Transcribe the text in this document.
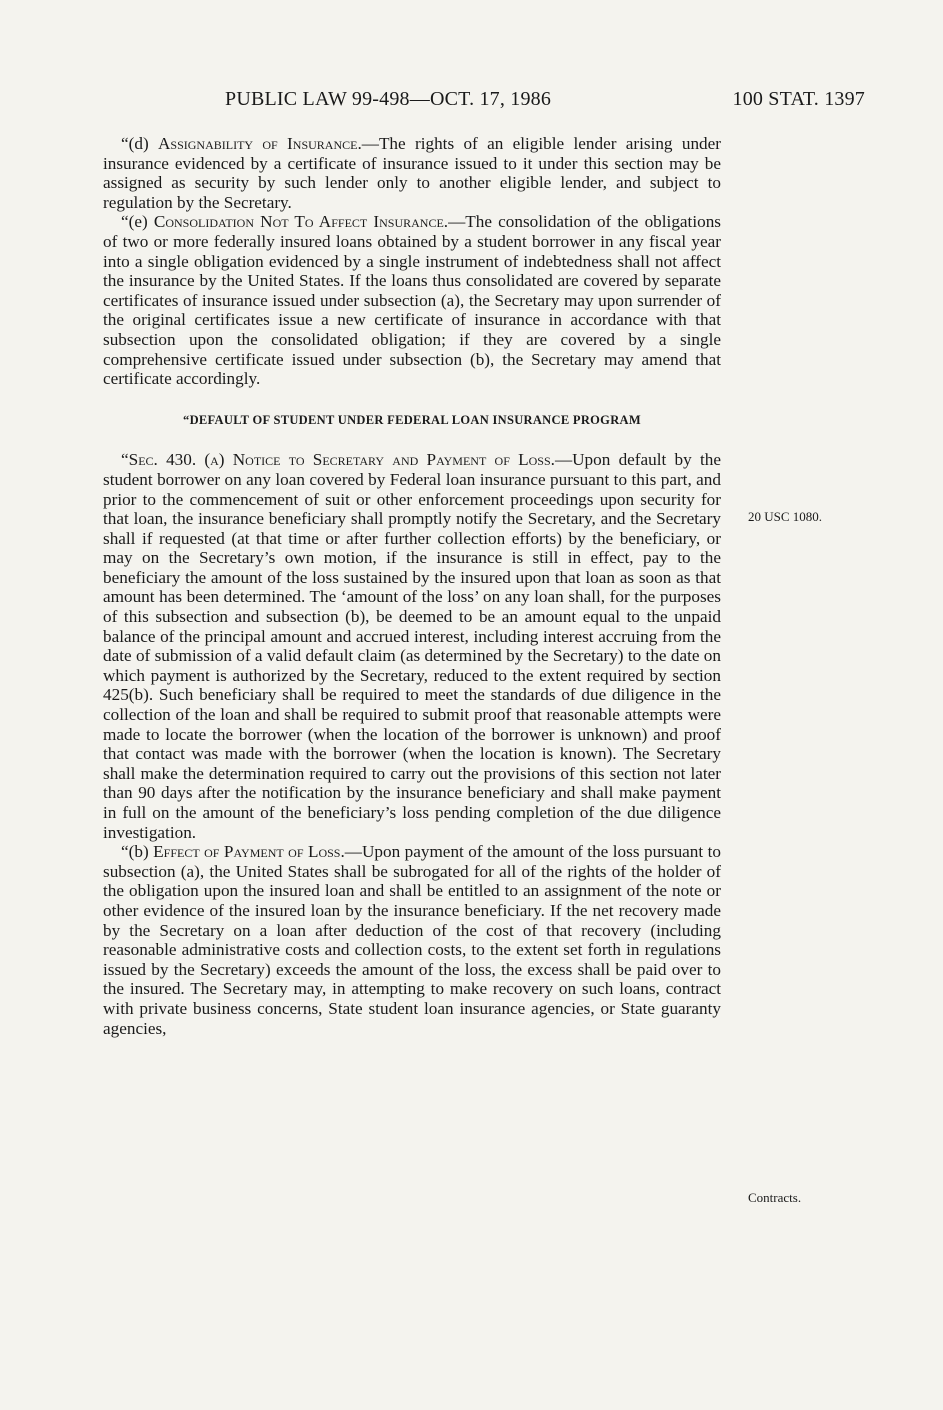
PUBLIC LAW 99-498—OCT. 17, 1986	100 STAT. 1397

“(d) Assignability of Insurance.—The rights of an eligible lender arising under insurance evidenced by a certificate of insurance issued to it under this section may be assigned as security by such lender only to another eligible lender, and subject to regulation by the Secretary.

“(e) Consolidation Not To Affect Insurance.—The consolidation of the obligations of two or more federally insured loans obtained by a student borrower in any fiscal year into a single obligation evidenced by a single instrument of indebtedness shall not affect the insurance by the United States. If the loans thus consolidated are covered by separate certificates of insurance issued under subsection (a), the Secretary may upon surrender of the original certificates issue a new certificate of insurance in accordance with that subsection upon the consolidated obligation; if they are covered by a single comprehensive certificate issued under subsection (b), the Secretary may amend that certificate accordingly.

“DEFAULT OF STUDENT UNDER FEDERAL LOAN INSURANCE PROGRAM

“Sec. 430. (a) Notice to Secretary and Payment of Loss.—Upon default by the student borrower on any loan covered by Federal loan insurance pursuant to this part, and prior to the commencement of suit or other enforcement proceedings upon security for that loan, the insurance beneficiary shall promptly notify the Secretary, and the Secretary shall if requested (at that time or after further collection efforts) by the beneficiary, or may on the Secretary’s own motion, if the insurance is still in effect, pay to the beneficiary the amount of the loss sustained by the insured upon that loan as soon as that amount has been determined. The ‘amount of the loss’ on any loan shall, for the purposes of this subsection and subsection (b), be deemed to be an amount equal to the unpaid balance of the principal amount and accrued interest, including interest accruing from the date of submission of a valid default claim (as determined by the Secretary) to the date on which payment is authorized by the Secretary, reduced to the extent required by section 425(b). Such beneficiary shall be required to meet the standards of due diligence in the collection of the loan and shall be required to submit proof that reasonable attempts were made to locate the borrower (when the location of the borrower is unknown) and proof that contact was made with the borrower (when the location is known). The Secretary shall make the determination required to carry out the provisions of this section not later than 90 days after the notification by the insurance beneficiary and shall make payment in full on the amount of the beneficiary’s loss pending completion of the due diligence investigation.

“(b) Effect of Payment of Loss.—Upon payment of the amount of the loss pursuant to subsection (a), the United States shall be subrogated for all of the rights of the holder of the obligation upon the insured loan and shall be entitled to an assignment of the note or other evidence of the insured loan by the insurance beneficiary. If the net recovery made by the Secretary on a loan after deduction of the cost of that recovery (including reasonable administrative costs and collection costs, to the extent set forth in regulations issued by the Secretary) exceeds the amount of the loss, the excess shall be paid over to the insured. The Secretary may, in attempting to make recovery on such loans, contract with private business concerns, State student loan insurance agencies, or State guaranty agencies,

20 USC 1080.
Contracts.
